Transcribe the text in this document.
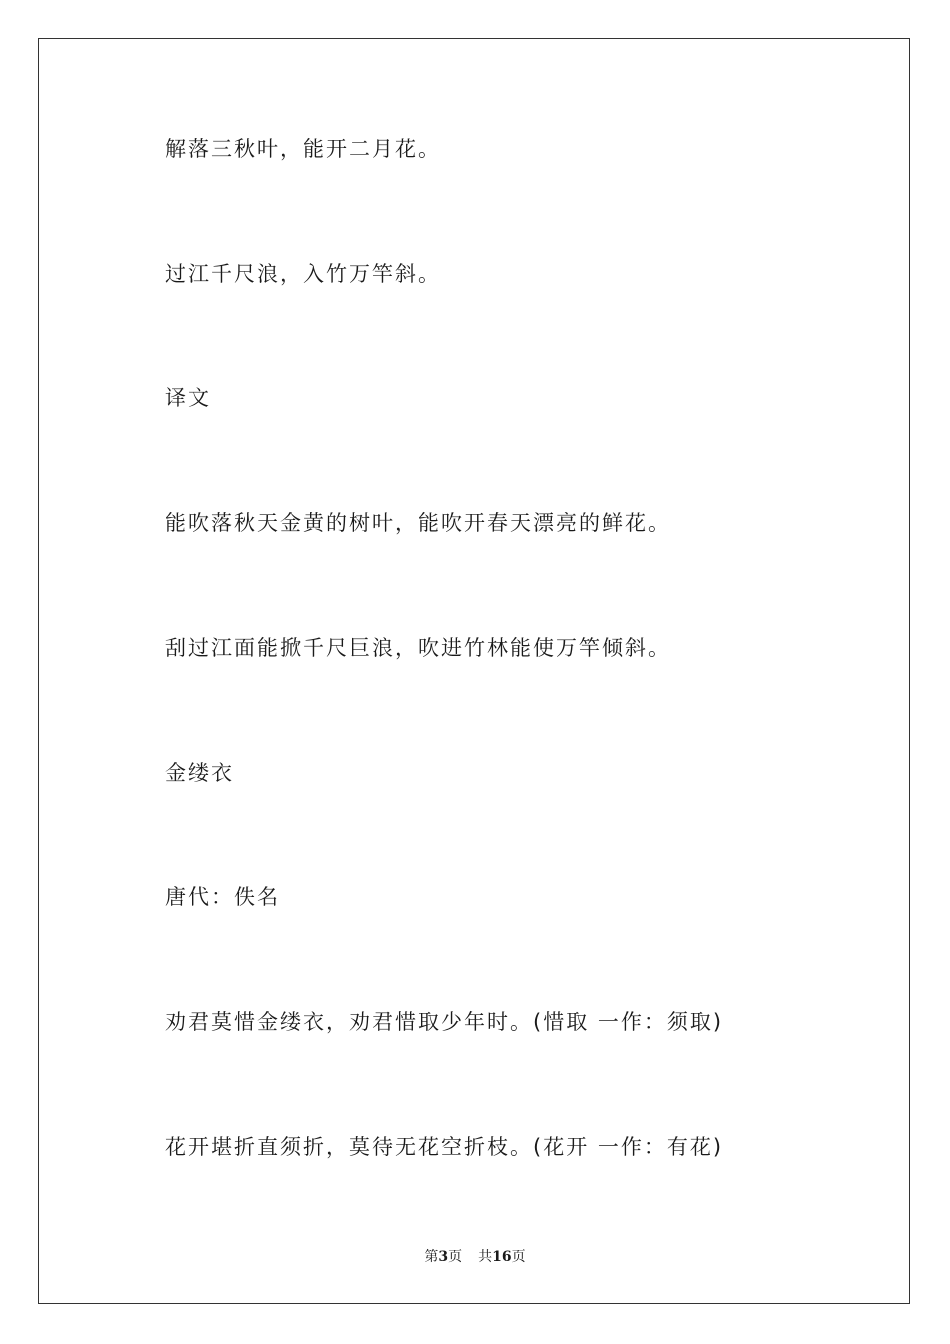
解落三秋叶，能开二月花。
过江千尺浪，入竹万竿斜。
译文
能吹落秋天金黄的树叶，能吹开春天漂亮的鲜花。
刮过江面能掀千尺巨浪，吹进竹林能使万竿倾斜。
金缕衣
唐代：佚名
劝君莫惜金缕衣，劝君惜取少年时。(惜取 一作：须取)
花开堪折直须折，莫待无花空折枝。(花开 一作：有花)
第3页 共16页
